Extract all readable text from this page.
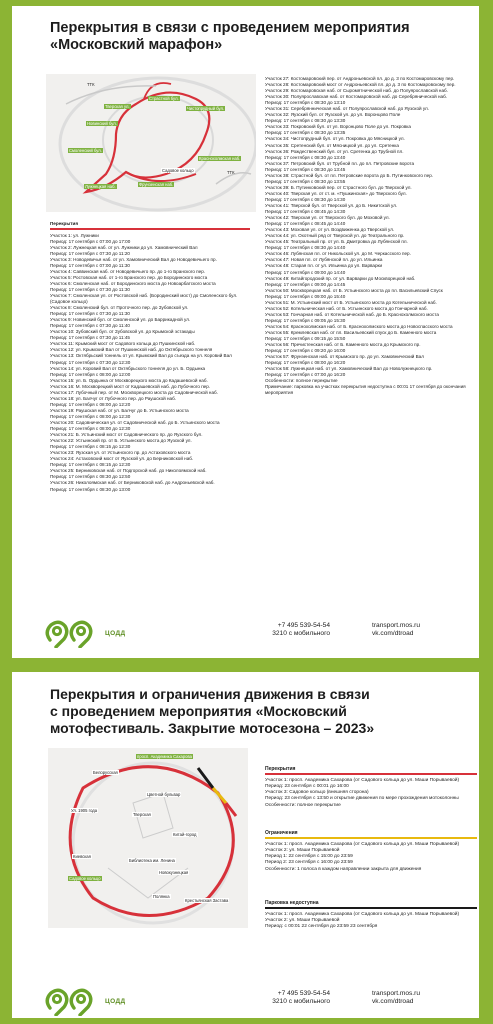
Перекрытия в связи с проведением мероприятия
«Московский марафон»
Страстной бул.
Тверская ул.	Чистопрудный бул.
Новинский бул.
Смоленский бул.
Садовое кольцо
Краснохолмская наб.
Фрунзенская наб.
Лужнецкая наб.
ТТК
ТТК

Перекрытия

Участок 1: ул. Лужники

Период: 17 сентября с 07:00 до 17:00

Участок 2: Лужнецкая наб. от ул. Лужники до ул. Хамовнический Вал

Период: 17 сентября с 07:30 до 11:20

Участок 3: Новодевичья наб. от ул. Хамовнический Вал до Новодевичьего пр.

Период: 17 сентября с 07:00 до 11:30

Участок 4: Саввинская наб. от Новодевичьего пр. до 1-го Бранского пер.

Участок 5: Ростовская наб. от 1-го Бранского пер. до Бородинского моста

Участок 6: Смоленская наб. от Бородинского моста до Новоарбатского моста

Период: 17 сентября с 07:30 до 11:30

Участок 7: Смоленская ул. от Ростовской наб. (Бородинский мост) до Смоленского бул. (Садовое кольцо)

Участок 8: Смоленский бул. от Проточного пер. до Зубовской ул.

Период: 17 сентября с 07:30 до 11:30

Участок 9: Новинский бул. от Смоленской ул. до Баррикадной ул.

Период: 17 сентября с 07:30 до 11:40

Участок 10: Зубовский бул. от Зубовской ул. до Крымской эстакады

Период: 17 сентября с 07:30 до 11:45

Участок 11: Крымский мост от Садового кольца до Пушкинской наб.

Участок 12: ул. Крымский Вал от Пушкинской наб. до Октябрьского тоннеля

Участок 13: Октябрьский тоннель от ул. Крымский Вал до съезда на ул. Коровий Вал

Период: 17 сентября с 07:30 до 12:30

Участок 14: ул. Коровий Вал от Октябрьского тоннеля до ул. Б. Ордынка

Период: 17 сентября с 08:00 до 12:00

Участок 15: ул. Б. Ордынка от Москворецкого моста до Кадашевской наб.

Участок 16: М. Москворецкий мост от Кадашевской наб. до Лубочного пер.

Участок 17: Лубочный пер. от М. Москворецкого моста до Садовнической наб.

Участок 18: ул. Балчуг от Лубочного пер. до Раушской наб.

Период: 17 сентября с 08:00 до 12:20

Участок 19: Раушская наб. от ул. Балчуг до Б. Устьинского моста

Период: 17 сентября с 08:00 до 12:30

Участок 20: Садовническая ул. от Садовнической наб. до Б. Устьинского моста

Период: 17 сентября с 08:00 до 12:30

Участок 21: Б. Устьинский мост от Садовнического пр. до Яузского бул.

Участок 22: Устьинский пр. от Б. Устьинского моста до Яузской ул.

Период: 17 сентября с 08:15 до 12:30

Участок 23: Яузская ул. от Устьинского пр. до Астаховского моста

Участок 24: Астаховский мост от Яузской ул. до Берниковской наб.

Период: 17 сентября с 08:15 до 12:30

Участок 25: Берниковская наб. от Подгорской наб. до Николоямской наб.

Период: 17 сентября с 08:30 до 12:50

Участок 26: Николоямская наб. от Берниковской наб. до Андроньевской наб.

Период: 17 сентября с 08:30 до 13:00

Участок 27: Костомаровский пер. от Андроньевской пл. до д. 3 по Костомаровскому пер.

Участок 28: Костомаровский мост от Андроньевской пл. до д. 3 по Костомаровскому пер.

Участок 29: Костомаровская наб. от Сыромятнической наб. до Полуярославской наб.

Участок 30: Полуярославская наб. от Костомаровской наб. до Серебрянической наб.

Период: 17 сентября с 08:30 до 13:10

Участок 31: Серебрянническая наб. от Полуярославской наб. до Яузской ул.

Участок 32: Яузский бул. от Яузской ул. до ул. Воронцово Поле

Период: 17 сентября с 08:30 до 13:30

Участок 33: Покровский бул. от ул. Воронцово Поле до ул. Покровка

Период: 17 сентября с 08:30 до 13:35

Участок 34: Чистопрудный бул. от ул. Покровка до Мясницкой ул.

Участок 35: Сретенский бул. от Мясницкой ул. до ул. Сретенка

Участок 36: Рождественский бул. от ул. Сретенка до Трубной пл.

Период: 17 сентября с 08:30 до 13:40

Участок 37: Петровский бул. от Трубной пл. до пл. Петровские ворота

Период: 17 сентября с 08:30 до 13:45

Участок 38: Страстной бул. от пл. Петровские ворота до Б. Путинковского пер.

Период: 17 сентября с 08:30 до 13:55

Участок 39: Б. Путинковский пер. от Страстного бул. до Тверской ул.

Участок 40: Тверская ул. от ст. м. «Пушкинская» до Тверского бул.

Период: 17 сентября с 08:30 до 14:30

Участок 41: Тверской бул. от Тверской ул. до Б. Никитской ул.

Период: 17 сентября с 08:45 до 14:30

Участок 42: Тверская ул. от Тверского бул. до Моховой ул.

Период: 17 сентября с 08:45 до 14:40

Участок 43: Моховая ул. от ул. Воздвиженка до Тверской ул.

Участок 44: ул. Охотный ряд от Тверской ул. до Театрального пр.

Участок 45: Театральный пр. от ул. Б. Дмитровка до Лубянской пл.

Период: 17 сентября с 08:30 до 14:40

Участок 46: Лубянская пл. от Никольской ул. до М. Черкасского пер.

Участок 47: Новая пл. от Лубянской пл. до ул. Ильинка

Участок 48: Старая пл. от ул. Ильинка до ул. Варварки

Период: 17 сентября с 09:00 до 14:40

Участок 49: Китайгородский пр. от ул. Варварки до Москворецкой наб.

Период: 17 сентября с 09:00 до 14:45

Участок 50: Москворецкая наб. от Б. Устьинского моста до пл. Васильевский Спуск

Период: 17 сентября с 09:00 до 15:40

Участок 51: М. Устьинский мост от Б. Устьинского моста до Котельнической наб.

Участок 52: Котельническая наб. от Б. Устьинского моста до Гончарной наб.

Участок 53: Гончарная наб. от Котельнической наб. до Б. Краснохолмского моста

Период: 17 сентября с 09:05 до 15:30

Участок 54: Краснохолмская наб. от Б. Краснохолмского моста до Новоспасского моста

Участок 55: Кремлевская наб. от пл. Васильевский спуск до Б. Каменного моста

Период: 17 сентября с 09:15 до 15:50

Участок 56: Пречистенская наб. от Б. Каменного моста до Крымского пр.

Период: 17 сентября с 09:20 до 16:00

Участок 57: Фрунзенская наб. от Крымского пр. до ул. Хамовнический Вал

Период: 17 сентября с 08:00 до 16:20

Участок 58: Лужнецкая наб. от ул. Хамовнический Вал до Новолужнецкого пр.

Период: 17 сентября с 07:00 до 16:20

Особенности: полное перекрытие

Примечание: парковка на участках перекрытия недоступна с 00:01 17 сентября до окончания мероприятия

ЦОДД
+7 495 539-54-54
3210 с мобильного
transport.mos.ru
vk.com/dtroad
Перекрытия и ограничения движения в связи
с проведением мероприятия «Московский
мотофестиваль. Закрытие мотосезона – 2023»
просп. Академика Сахарова
Белорусская
Цветной бульвар
Тверская
Ул. 1905 года
Китай-город
Киевская
Библиотека им. Ленина
Новокузнецкая
Садовое кольцо
Полянка
Крестьянская Застава
Перекрытия
Участок 1: просп. Академика Сахарова (от Садового кольца до ул. Маши Порываевой)
Период: 23 сентября с 00:01 до 16:00
Участок 3: Садовое кольцо (внешняя сторона)
Период: 23 сентября с 13:50 и открытие движения по мере прохождения мотоколонны
Особенности: полное перекрытие
Ограничения
Участок 1: просп. Академика Сахарова (от Садового кольца до ул. Маши Порываевой)
Участок 2: ул. Маши Порываевой
Период 1: 22 сентября с 15:00 до 23:59
Период 2: 23 сентября с 16:00 до 23:59
Особенности: 1 полоса в каждом направлении закрыта для движения
Парковка недоступна
Участок 1: просп. Академика Сахарова (от Садового кольца до ул. Маши Порываевой)
Участок 2: ул. Маши Порываевой
Период: с 00:01 22 сентября до 23:59 23 сентября
ЦОДД
+7 495 539-54-54
3210 с мобильного
transport.mos.ru
vk.com/dtroad
